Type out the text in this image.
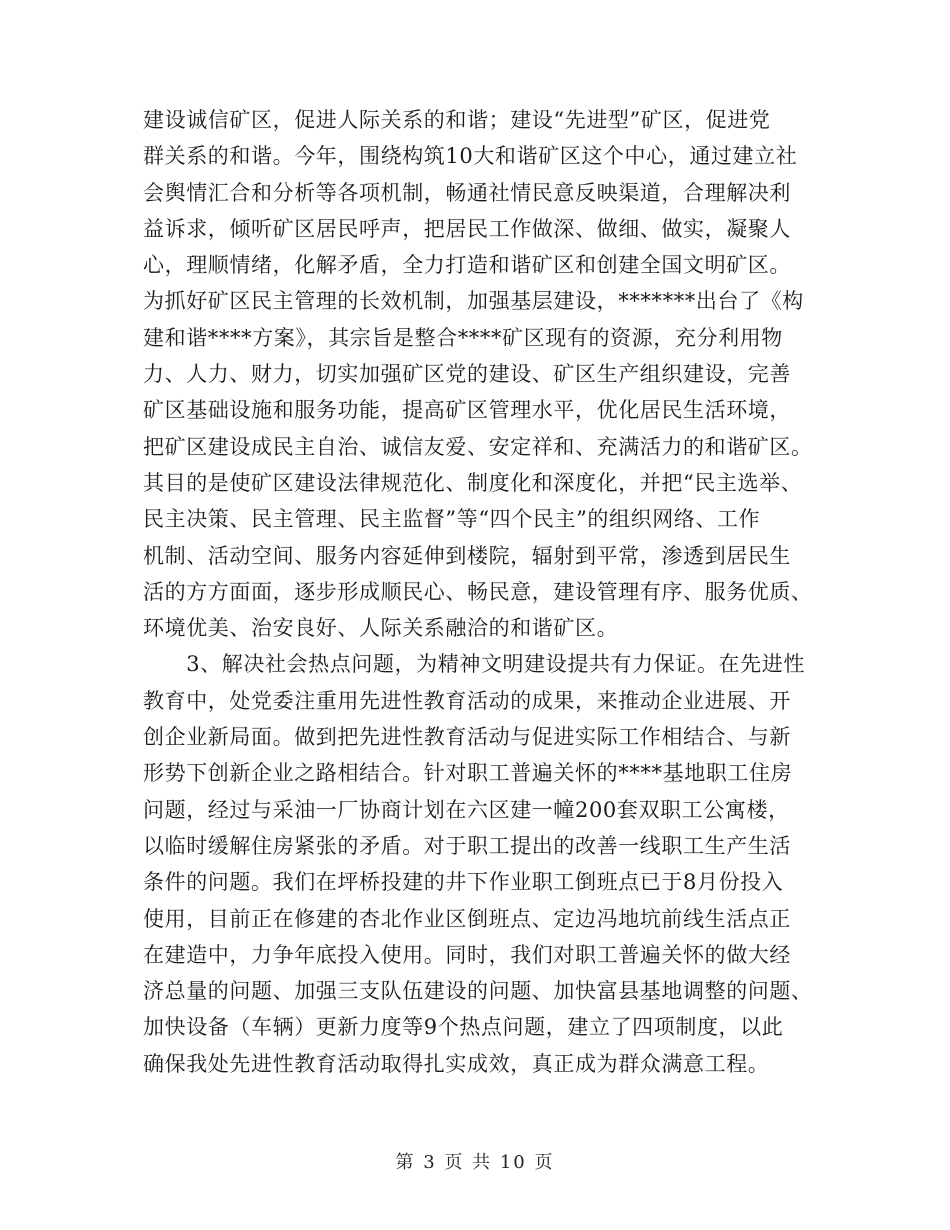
建设诚信矿区，促进人际关系的和谐；建设“先进型”矿区，促进党
群关系的和谐。今年，围绕构筑10大和谐矿区这个中心，通过建立社
会舆情汇合和分析等各项机制，畅通社情民意反映渠道，合理解决利
益诉求，倾听矿区居民呼声，把居民工作做深、做细、做实，凝聚人
心，理顺情绪，化解矛盾，全力打造和谐矿区和创建全国文明矿区。
为抓好矿区民主管理的长效机制，加强基层建设，*******出台了《构
建和谐****方案》，其宗旨是整合****矿区现有的资源，充分利用物
力、人力、财力，切实加强矿区党的建设、矿区生产组织建设，完善
矿区基础设施和服务功能，提高矿区管理水平，优化居民生活环境，
把矿区建设成民主自治、诚信友爱、安定祥和、充满活力的和谐矿区。
其目的是使矿区建设法律规范化、制度化和深度化，并把“民主选举、
民主决策、民主管理、民主监督”等“四个民主”的组织网络、工作
机制、活动空间、服务内容延伸到楼院，辐射到平常，渗透到居民生
活的方方面面，逐步形成顺民心、畅民意，建设管理有序、服务优质、
环境优美、治安良好、人际关系融洽的和谐矿区。
　　3、解决社会热点问题，为精神文明建设提共有力保证。在先进性
教育中，处党委注重用先进性教育活动的成果，来推动企业进展、开
创企业新局面。做到把先进性教育活动与促进实际工作相结合、与新
形势下创新企业之路相结合。针对职工普遍关怀的****基地职工住房
问题，经过与采油一厂协商计划在六区建一幢200套双职工公寓楼，
以临时缓解住房紧张的矛盾。对于职工提出的改善一线职工生产生活
条件的问题。我们在坪桥投建的井下作业职工倒班点已于8月份投入
使用，目前正在修建的杏北作业区倒班点、定边冯地坑前线生活点正
在建造中，力争年底投入使用。同时，我们对职工普遍关怀的做大经
济总量的问题、加强三支队伍建设的问题、加快富县基地调整的问题、
加快设备（车辆）更新力度等9个热点问题，建立了四项制度，以此
确保我处先进性教育活动取得扎实成效，真正成为群众满意工程。
第 3 页 共 10 页
